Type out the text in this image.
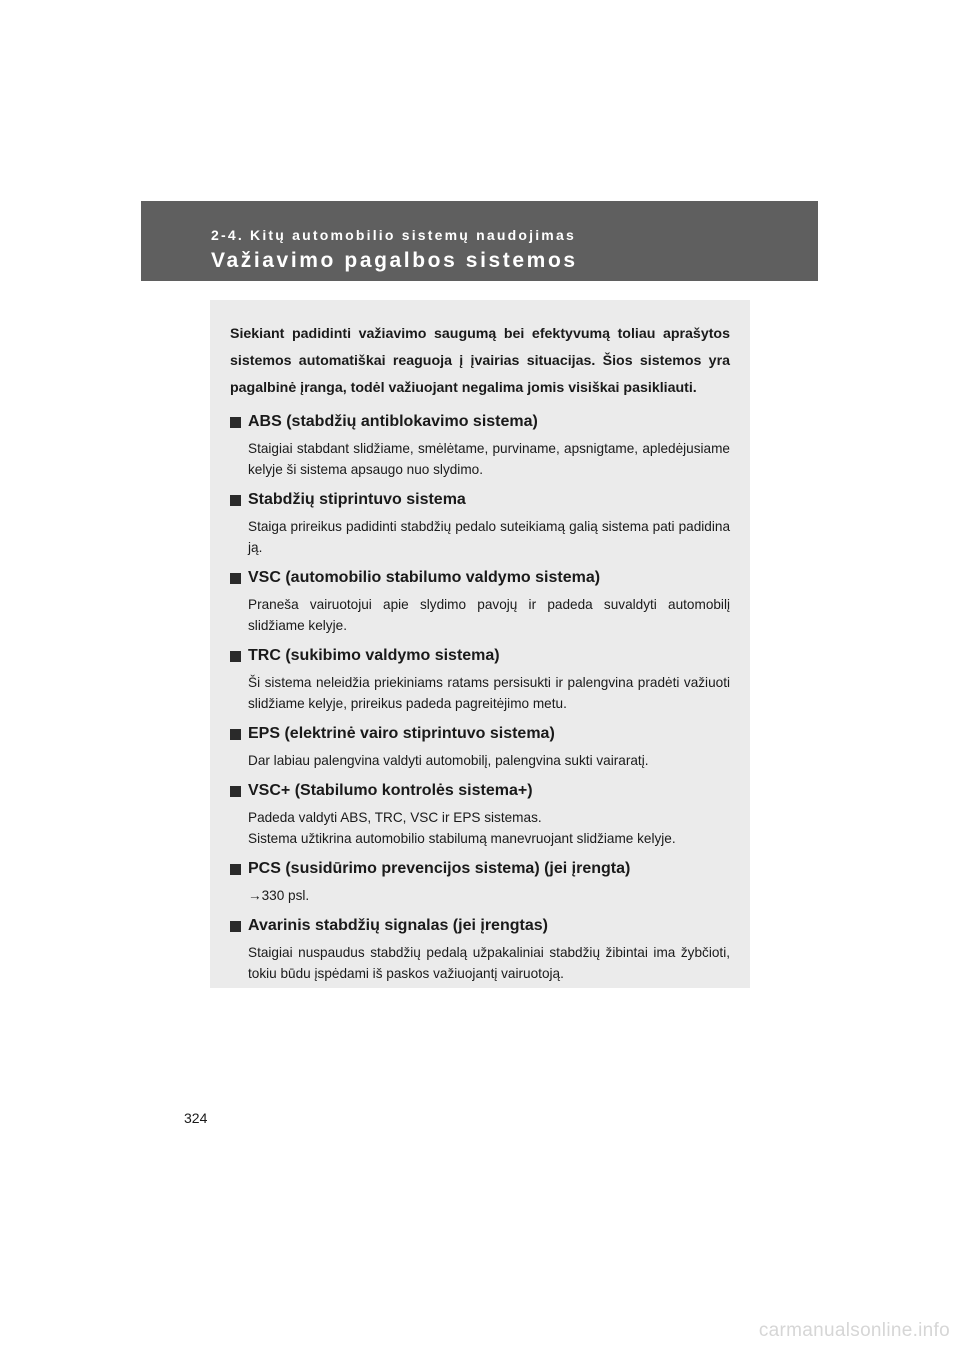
2-4. Kitų automobilio sistemų naudojimas
Važiavimo pagalbos sistemos

Siekiant padidinti važiavimo saugumą bei efektyvumą toliau aprašytos sistemos automatiškai reaguoja į įvairias situacijas. Šios sistemos yra pagalbinė įranga, todėl važiuojant negalima jomis visiškai pasikliauti.

ABS (stabdžių antiblokavimo sistema)

Staigiai stabdant slidžiame, smėlėtame, purviname, apsnigtame, apledėjusiame kelyje ši sistema apsaugo nuo slydimo.

Stabdžių stiprintuvo sistema

Staiga prireikus padidinti stabdžių pedalo suteikiamą galią sistema pati padidina ją.

VSC (automobilio stabilumo valdymo sistema)

Praneša vairuotojui apie slydimo pavojų ir padeda suvaldyti automobilį slidžiame kelyje.

TRC (sukibimo valdymo sistema)

Ši sistema neleidžia priekiniams ratams persisukti ir palengvina pradėti važiuoti slidžiame kelyje, prireikus padeda pagreitėjimo metu.

EPS (elektrinė vairo stiprintuvo sistema)

Dar labiau palengvina valdyti automobilį, palengvina sukti vairaratį.

VSC+ (Stabilumo kontrolės sistema+)

Padeda valdyti ABS, TRC, VSC ir EPS sistemas.

Sistema užtikrina automobilio stabilumą manevruojant slidžiame kelyje.

PCS (susidūrimo prevencijos sistema) (jei įrengta)

→330 psl.

Avarinis stabdžių signalas (jei įrengtas)

Staigiai nuspaudus stabdžių pedalą užpakaliniai stabdžių žibintai ima žybčioti, tokiu būdu įspėdami iš paskos važiuojantį vairuotoją.

324
carmanualsonline.info
